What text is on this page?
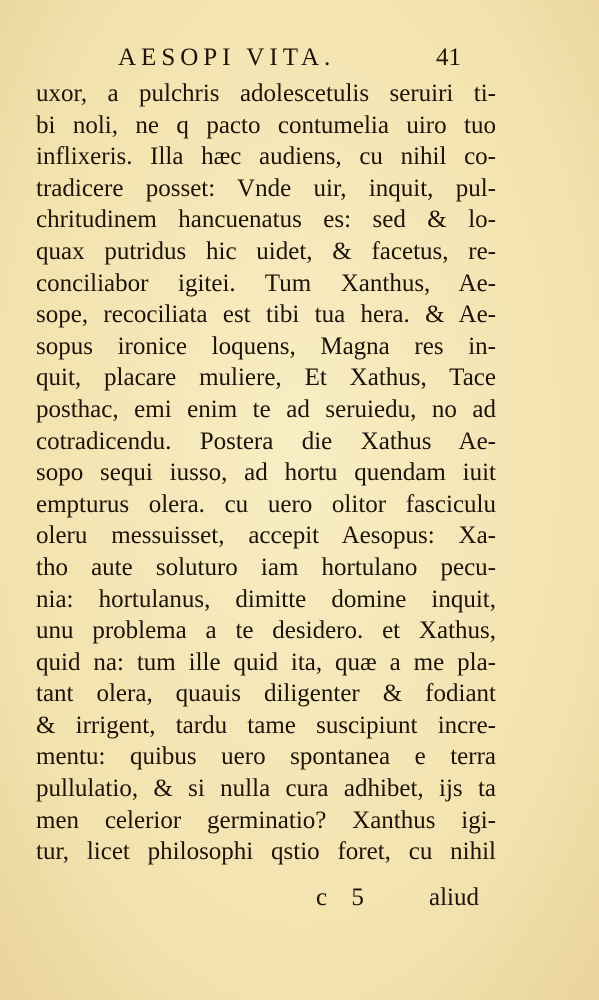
AESOPI VITA.	41
uxor, a pulchris adolescetulis seruiri ti-
bi noli, ne q pacto contumelia uiro tuo
inflixeris. Illa hæc audiens, cu nihil co-
tradicere posset: Vnde uir, inquit, pul-
chritudinem hancuenatus es: sed & lo-
quax putridus hic uidet, & facetus, re-
conciliabor igitei. Tum Xanthus, Ae-
sope, recociliata est tibi tua hera. & Ae-
sopus ironice loquens, Magna res in-
quit, placare muliere, Et Xathus, Tace
posthac, emi enim te ad seruiedu, no ad
cotradicendu. Postera die Xathus Ae-
sopo sequi iusso, ad hortu quendam iuit
empturus olera. cu uero olitor fasciculu
oleru messuisset, accepit Aesopus: Xa-
tho aute soluturo iam hortulano pecu-
nia: hortulanus, dimitte domine inquit,
unu problema a te desidero. et Xathus,
quid na: tum ille quid ita, quæ a me pla-
tant olera, quauis diligenter & fodiant
& irrigent, tardu tame suscipiunt incre-
mentu: quibus uero spontanea e terra
pullulatio, & si nulla cura adhibet, ijs ta
men celerior germinatio? Xanthus igi-
tur, licet philosophi qstio foret, cu nihil
c 5	aliud
